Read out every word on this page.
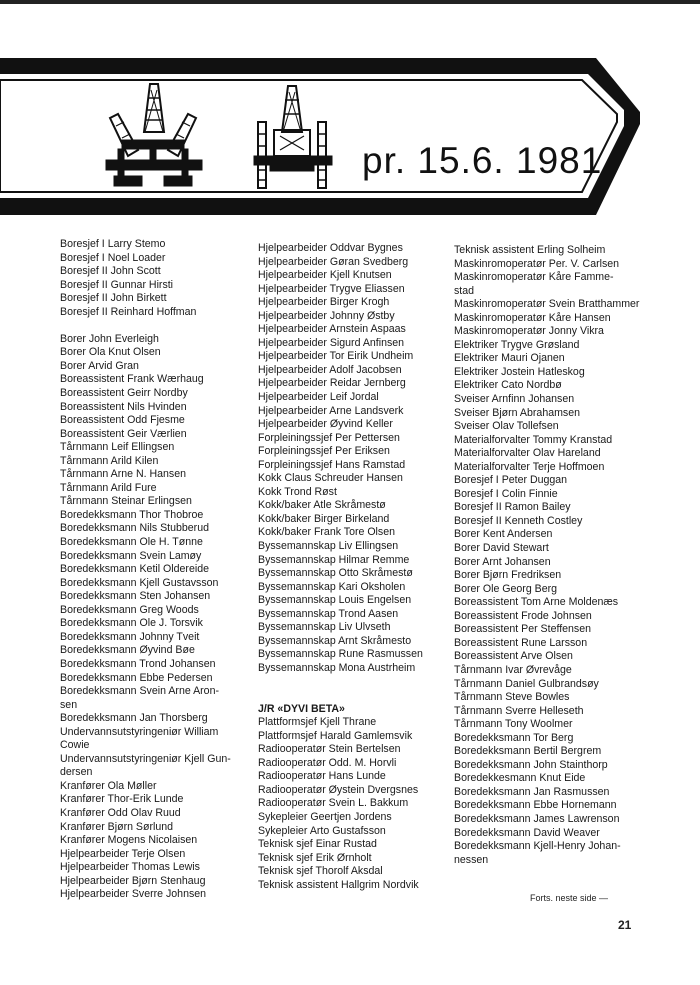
pr. 15.6. 1981
Boresjef I Larry Stemo
Boresjef I Noel Loader
Boresjef II John Scott
Boresjef II Gunnar Hirsti
Boresjef II John Birkett
Boresjef II Reinhard Hoffman
Borer John Everleigh
Borer Ola Knut Olsen
Borer Arvid Gran
Boreassistent Frank Wærhaug
Boreassistent Geirr Nordby
Boreassistent Nils Hvinden
Boreassistent Odd Fjesme
Boreassistent Geir Værlien
Tårnmann Leif Ellingsen
Tårnmann Arild Kilen
Tårnmann Arne N. Hansen
Tårnmann Arild Fure
Tårnmann Steinar Erlingsen
Boredekksmann Thor Thobroe
Boredekksmann Nils Stubberud
Boredekksmann Ole H. Tønne
Boredekksmann Svein Lamøy
Boredekksmann Ketil Oldereide
Boredekksmann Kjell Gustavsson
Boredekksmann Sten Johansen
Boredekksmann Greg Woods
Boredekksmann Ole J. Torsvik
Boredekksmann Johnny Tveit
Boredekksmann Øyvind Bøe
Boredekksmann Trond Johansen
Boredekksmann Ebbe Pedersen
Boredekksmann Svein Arne Aron-
sen
Boredekksmann Jan Thorsberg
Undervannsutstyringeniør William
Cowie
Undervannsutstyringeniør Kjell Gun-
dersen
Kranfører Ola Møller
Kranfører Thor-Erik Lunde
Kranfører Odd Olav Ruud
Kranfører Bjørn Sørlund
Kranfører Mogens Nicolaisen
Hjelpearbeider Terje Olsen
Hjelpearbeider Thomas Lewis
Hjelpearbeider Bjørn Stenhaug
Hjelpearbeider Sverre Johnsen
Hjelpearbeider Oddvar Bygnes
Hjelpearbeider Gøran Svedberg
Hjelpearbeider Kjell Knutsen
Hjelpearbeider Trygve Eliassen
Hjelpearbeider Birger Krogh
Hjelpearbeider Johnny Østby
Hjelpearbeider Arnstein Aspaas
Hjelpearbeider Sigurd Anfinsen
Hjelpearbeider Tor Eirik Undheim
Hjelpearbeider Adolf Jacobsen
Hjelpearbeider Reidar Jernberg
Hjelpearbeider Leif Jordal
Hjelpearbeider Arne Landsverk
Hjelpearbeider Øyvind Keller
Forpleiningssjef Per Pettersen
Forpleiningssjef Per Eriksen
Forpleiningssjef Hans Ramstad
Kokk Claus Schreuder Hansen
Kokk Trond Røst
Kokk/baker Atle Skråmestø
Kokk/baker Birger Birkeland
Kokk/baker Frank Tore Olsen
Byssemannskap Liv Ellingsen
Byssemannskap Hilmar Remme
Byssemannskap Otto Skråmestø
Byssemannskap Kari Oksholen
Byssemannskap Louis Engelsen
Byssemannskap Trond Aasen
Byssemannskap Liv Ulvseth
Byssemannskap Arnt Skråmesto
Byssemannskap Rune Rasmussen
Byssemannskap Mona Austrheim
J/R «DYVI BETA»
Plattformsjef Kjell Thrane
Plattformsjef Harald Gamlemsvik
Radiooperatør Stein Bertelsen
Radiooperatør Odd. M. Horvli
Radiooperatør Hans Lunde
Radiooperatør Øystein Dvergsnes
Radiooperatør Svein L. Bakkum
Sykepleier Geertjen Jordens
Sykepleier Arto Gustafsson
Teknisk sjef Einar Rustad
Teknisk sjef Erik Ørnholt
Teknisk sjef Thorolf Aksdal
Teknisk assistent Hallgrim Nordvik
Teknisk assistent Erling Solheim
Maskinromoperatør Per. V. Carlsen
Maskinromoperatør Kåre Famme-
stad
Maskinromoperatør Svein Bratthammer
Maskinromoperatør Kåre Hansen
Maskinromoperatør Jonny Vikra
Elektriker Trygve Grøsland
Elektriker Mauri Ojanen
Elektriker Jostein Hatleskog
Elektriker Cato Nordbø
Sveiser Arnfinn Johansen
Sveiser Bjørn Abrahamsen
Sveiser Olav Tollefsen
Materialforvalter Tommy Kranstad
Materialforvalter Olav Hareland
Materialforvalter Terje Hoffmoen
Boresjef I Peter Duggan
Boresjef I Colin Finnie
Boresjef II Ramon Bailey
Boresjef II Kenneth Costley
Borer Kent Andersen
Borer David Stewart
Borer Arnt Johansen
Borer Bjørn Fredriksen
Borer Ole Georg Berg
Boreassistent Tom Arne Moldenæs
Boreassistent Frode Johnsen
Boreassistent Per Steffensen
Boreassistent Rune Larsson
Boreassistent Arve Olsen
Tårnmann Ivar Øvrevåge
Tårnmann Daniel Gulbrandsøy
Tårnmann Steve Bowles
Tårnmann Sverre Helleseth
Tårnmann Tony Woolmer
Boredekksmann Tor Berg
Boredekksmann Bertil Bergrem
Boredekksmann John Stainthorp
Boredekkesmann Knut Eide
Boredekksmann Jan Rasmussen
Boredekksmann Ebbe Hornemann
Boredekksmann James Lawrenson
Boredekksmann David Weaver
Boredekksmann Kjell-Henry Johan-
nessen
Forts. neste side —
21
